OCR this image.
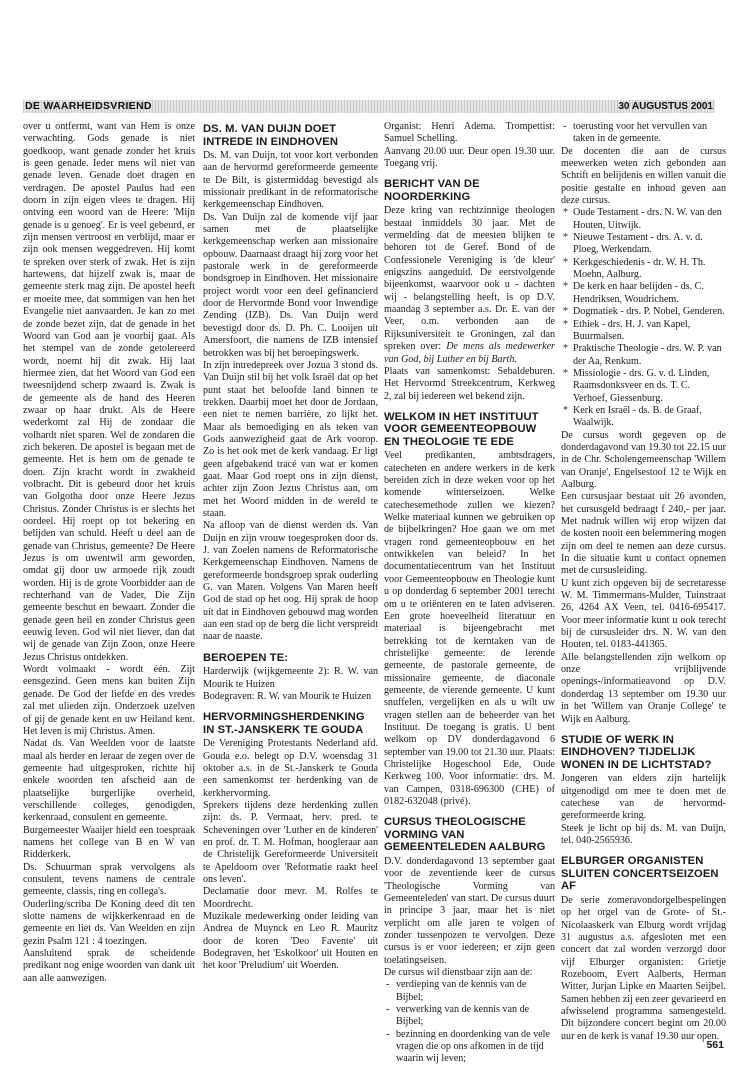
DE WAARHEIDSVRIEND	30 AUGUSTUS 2001

over u ontfermt, want van Hem is onze verwachting. Gods genade is niet goedkoop, want genade zonder het kruis is geen genade. Ieder mens wil niet van genade leven. Genade doet dragen en verdragen. De apostel Paulus had een doorn in zijn eigen vlees te dragen. Hij ontving een woord van de Heere: 'Mijn genade is u genoeg'. Er is veel gebeurd, er zijn mensen vertroost en verblijd, maar er zijn ook mensen weggedreven. Hij komt te spreken over sterk of zwak. Het is zijn hartewens, dat hijzelf zwak is, maar de gemeente sterk mag zijn. De apostel heeft er moeite mee, dat sommigen van hen het Evangelie niet aanvaarden. Je kan zo met de zonde bezet zijn, dat de genade in het Woord van God aan je voorbij gaat. Als het stempel van de zonde getolereerd wordt, noemt hij dit zwak. Hij laat hiermee zien, dat het Woord van God een tweesnijdend scherp zwaard is. Zwak is de gemeente als de hand des Heeren zwaar op haar drukt. Als de Heere wederkomt zal Hij de zondaar die volhardt niet sparen. Wel de zondaren die zich bekeren. De apostel is begaan met de gemeente. Het is hem om de genade te doen. Zijn kracht wordt in zwakheid volbracht. Dit is gebeurd door het kruis van Golgotha door onze Heere Jezus Christus. Zonder Christus is er slechts het oordeel. Hij roept op tot bekering en belijden van schuld. Heeft u deel aan de genade van Christus, gemeente? De Heere Jezus is om uwentwil arm geworden, omdat gij door uw armoede rijk zoudt worden. Hij is de grote Voorbidder aan de rechterhand van de Vader, Die Zijn gemeente beschut en bewaart. Zonder die genade geen heil en zonder Christus geen eeuwig leven. God wil niet liever, dan dat wij de genade van Zijn Zoon, onze Heere Jezus Christus ontdekken.

Wordt volmaakt - wordt één. Zijt eensgezind. Geen mens kan buiten Zijn genade. De God der liefde en des vredes zal met ulieden zijn. Onderzoek uzelven of gij de genade kent en uw Heiland kent. Het leven is mij Christus. Amen.

Nadat ds. Van Weelden voor de laatste maal als herder en leraar de zegen over de gemeente had uitgesproken, richtte hij enkele woorden ten afscheid aan de plaatselijke burgerlijke overheid, verschillende colleges, genodigden, kerkenraad, consulent en gemeente.

Burgemeester Waaijer hield een toespraak namens het college van B en W van Ridderkerk.

Ds. Schuurman sprak vervolgens als consulent, tevens namens de centrale gemeente, classis, ring en collega's.

Ouderling/scriba De Koning deed dit ten slotte namens de wijkkerkenraad en de gemeente en liet ds. Van Weelden en zijn gezin Psalm 121 : 4 toezingen.

Aansluitend sprak de scheidende predikant nog enige woorden van dank uit aan alle aanwezigen.

DS. M. VAN DUIJN DOET INTREDE IN EINDHOVEN

Ds. M. van Duijn, tot voor kort verbonden aan de hervormd gereformeerde gemeente te De Bilt, is gistermiddag bevestigd als missionair predikant in de reformatorische kerkgemeenschap Eindhoven.

Ds. Van Duijn zal de komende vijf jaar samen met de plaatselijke kerkgemeenschap werken aan missionaire opbouw. Daarnaast draagt hij zorg voor het pastorale werk in de gereformeerde bondsgroep in Eindhoven. Het missionaire project wordt voor een deel gefinancierd door de Hervormde Bond voor Inwendige Zending (IZB). Ds. Van Duijn werd bevestigd door ds. D. Ph. C. Looijen uit Amersfoort, die namens de IZB intensief betrokken was bij het beroepingswerk.

In zijn intredepreek over Jozua 3 stond ds. Van Duijn stil bij het volk Israël dat op het punt staat het beloofde land binnen te trekken. Daarbij moet het door de Jordaan, een niet te nemen barrière, zo lijkt het. Maar als bemoediging en als teken van Gods aanwezigheid gaat de Ark voorop. Zo is het ook met de kerk vandaag. Er ligt geen afgebakend tracé van wat er komen gaat. Maar God roept ons in zijn dienst, achter zijn Zoon Jezus Christus aan, om met het Woord midden in de wereld te staan.

Na afloop van de dienst werden ds. Van Duijn en zijn vrouw toegesproken door ds. J. van Zoelen namens de Reformatorische Kerkgemeenschap Eindhoven. Namens de gereformeerde bondsgroep sprak ouderling G. van Maren. Volgens Van Maren heeft God de stad op het oog. Hij sprak de hoop uit dat in Eindhoven gebouwd mag worden aan een stad op de berg die licht verspreidt naar de naaste.

BEROEPEN TE:

Harderwijk (wijkgemeente 2): R. W. van Mourik te Huizen

Bodegraven: R. W. van Mourik te Huizen

HERVORMINGSHERDENKING IN ST.-JANSKERK TE GOUDA

De Vereniging Protestants Nederland afd. Gouda e.o. belegt op D.V. woensdag 31 oktober a.s. in de St.-Janskerk te Gouda een samenkomst ter herdenking van de kerkhervorming.

Sprekers tijdens deze herdenking zullen zijn: ds. P. Vermaat, herv. pred. te Scheveningen over 'Luther en de kinderen' en prof. dr. T. M. Hofman, hoogleraar aan de Christelijk Gereformeerde Universiteit te Apeldoorn over 'Reformatie raakt heel ons leven'.

Declamatie door mevr. M. Rolfes te Moordrecht.

Muzikale medewerking onder leiding van Andrea de Muynck en Leo R. Mauritz door de koren 'Deo Favente' uit Bodegraven, het 'Eskolkoor' uit Houten en het koor 'Preludium' uit Woerden.

Organist: Henri Adema. Trompettist: Samuel Schelling.

Aanvang 20.00 uur. Deur open 19.30 uur. Toegang vrij.

BERICHT VAN DE NOORDERKING

Deze kring van rechtzinnige theologen bestaat inmiddels 30 jaar. Met de vermelding dat de meesten blijken te behoren tot de Geref. Bond of de Confessionele Vereniging is 'de kleur' enigszins aangeduid. De eerstvolgende bijeenkomst, waarvoor ook u - dachten wij - belangstelling heeft, is op D.V. maandag 3 september a.s. Dr. E. van der Veer, o.m. verbonden aan de Rijksuniversiteit te Groningen, zal dan spreken over: De mens als medewerker van God, bij Luther en bij Barth.

Plaats van samenkomst: Sebaldeburen. Het Hervormd Streekcentrum, Kerkweg 2, zal bij iedereen wel bekend zijn.

WELKOM IN HET INSTITUUT VOOR GEMEENTEOPBOUW EN THEOLOGIE TE EDE

Veel predikanten, ambtsdragers, catecheten en andere werkers in de kerk bereiden zich in deze weken voor op het komende winterseizoen. Welke catechesemethode zullen we kiezen? Welke materiaal kunnen we gebruiken op de bijbelkringen? Hoe gaan we om met vragen rond gemeenteopbouw en het ontwikkelen van beleid? In het documentatiecentrum van het Instituut voor Gemeenteopbouw en Theologie kunt u op donderdag 6 september 2001 terecht om u te oriënteren en te laten adviseren. Een grote hoeveelheid literatuur en materiaal is bijeengebracht met betrekking tot de kerntaken van de christelijke gemeente: de lerende gemeente, de pastorale gemeente, de missionaire gemeente, de diaconale gemeente, de vierende gemeente. U kunt snuffelen, vergelijken en als u wilt uw vragen stellen aan de beheerder van het Instituut. De toegang is gratis. U bent welkom op DV donderdagavond 6 september van 19.00 tot 21.30 uur. Plaats: Christelijke Hogeschool Ede, Oude Kerkweg 100. Voor informatie: drs. M. van Campen, 0318-696300 (CHE) of 0182-632048 (privé).

CURSUS THEOLOGISCHE VORMING VAN GEMEENTELEDEN AALBURG

D.V. donderdagavond 13 september gaat voor de zeventiende keer de cursus 'Theologische Vorming van Gemeenteleden' van start. De cursus duurt in principe 3 jaar, maar het is niet verplicht om alle jaren te volgen of zonder tussenpozen te vervolgen. Deze cursus is er voor iedereen; er zijn geen toelatingseisen.

De cursus wil dienstbaar zijn aan de:

- verdieping van de kennis van de Bijbel;
- verwerking van de kennis van de Bijbel;
- bezinning en doordenking van de vele vragen die op ons afkomen in de tijd waarin wij leven;
- toerusting voor het vervullen van taken in de gemeente.

De docenten die aan de cursus meewerken weten zich gebonden aan Schrift en belijdenis en willen vanuit die positie gestalte en inhoud geven aan deze cursus.

* Oude Testament - drs. N. W. van den Houten, Uitwijk.
* Nieuwe Testament - drs. A. v. d. Ploeg, Werkendam.
* Kerkgeschiedenis - dr. W. H. Th. Moehn, Aalburg.
* De kerk en haar belijden - ds. C. Hendriksen, Woudrichem.
* Dogmatiek - drs. P. Nobel, Genderen.
* Ethiek - drs. H. J. van Kapel, Buurmalsen.
* Praktische Theologie - drs. W. P. van der Aa, Renkum.
* Missiologie - drs. G. v. d. Linden, Raamsdonksveer en ds. T. C. Verhoef, Giessenburg.
* Kerk en Israël - ds. B. de Graaf, Waalwijk.

De cursus wordt gegeven op de donderdagavond van 19.30 tot 22.15 uur in de Chr. Scholengemeenschap 'Willem van Oranje', Engelsestoof 12 te Wijk en Aalburg.

Een cursusjaar bestaat uit 26 avonden, het cursusgeld bedraagt f 240,- per jaar. Met nadruk willen wij erop wijzen dat de kosten nooit een belemmering mogen zijn om deel te nemen aan deze cursus. In die situatie kunt u contact opnemen met de cursusleiding.

U kunt zich opgeven bij de secretaresse W. M. Timmermans-Mulder, Tuinstraat 26, 4264 AX Veen, tel. 0416-695417. Voor meer informatie kunt u ook terecht bij de cursusleider drs. N. W. van den Houten, tel. 0183-441365.

Alle belangstellenden zijn welkom op onze vrijblijvende openings-/informatieavond op D.V. donderdag 13 september om 19.30 uur in het 'Willem van Oranje College' te Wijk en Aalburg.

STUDIE OF WERK IN EINDHOVEN? TIJDELIJK WONEN IN DE LICHTSTAD?

Jongeren van elders zijn hartelijk uitgenodigd om mee te doen met de catechese van de hervormd-gereformeerde kring.

Steek je licht op bij ds. M. van Duijn, tel. 040-2565936.

ELBURGER ORGANISTEN SLUITEN CONCERTSEIZOEN AF

De serie zomeravondorgelbespelingen op het orgel van de Grote- of St.-Nicolaaskerk van Elburg wordt vrijdag 31 augustus a.s. afgesloten met een concert dat zal worden verzorgd door vijf Elburger organisten: Grietje Rozeboom, Evert Aalberts, Herman Witter, Jurjan Lipke en Maarten Seijbel. Samen hebben zij een zeer gevarieerd en afwisselend programma samengesteld. Dit bijzondere concert begint om 20.00 uur en de kerk is vanaf 19.30 uur open.

561
